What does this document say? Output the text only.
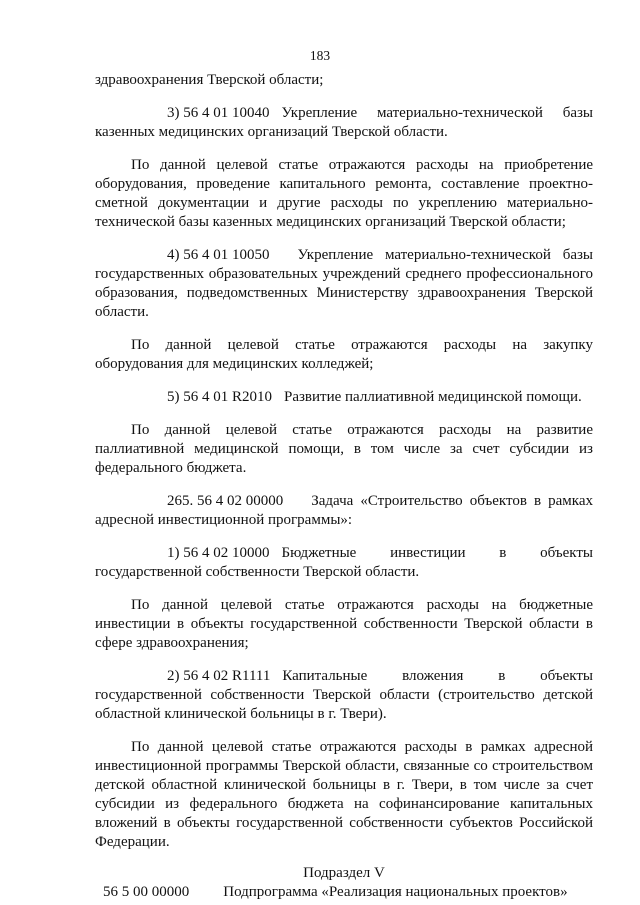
183

здравоохранения Тверской области;

3) 56 4 01 10040 Укрепление материально-технической базы казенных медицинских организаций Тверской области.

По данной целевой статье отражаются расходы на приобретение оборудования, проведение капитального ремонта, составление проектно-сметной документации и другие расходы по укреплению материально-технической базы казенных медицинских организаций Тверской области;

4) 56 4 01 10050 Укрепление материально-технической базы государственных образовательных учреждений среднего профессионального образования, подведомственных Министерству здравоохранения Тверской области.

По данной целевой статье отражаются расходы на закупку оборудования для медицинских колледжей;

5) 56 4 01 R2010 Развитие паллиативной медицинской помощи.

По данной целевой статье отражаются расходы на развитие паллиативной медицинской помощи, в том числе за счет субсидии из федерального бюджета.

265. 56 4 02 00000 Задача «Строительство объектов в рамках адресной инвестиционной программы»:

1) 56 4 02 10000 Бюджетные инвестиции в объекты государственной собственности Тверской области.

По данной целевой статье отражаются расходы на бюджетные инвестиции в объекты государственной собственности Тверской области в сфере здравоохранения;

2) 56 4 02 R1111 Капитальные вложения в объекты государственной собственности Тверской области (строительство детской областной клинической больницы в г. Твери).

По данной целевой статье отражаются расходы в рамках адресной инвестиционной программы Тверской области, связанные со строительством детской областной клинической больницы в г. Твери, в том числе за счет субсидии из федерального бюджета на софинансирование капитальных вложений в объекты государственной собственности субъектов Российской Федерации.

Подраздел V

56 5 00 00000 Подпрограмма «Реализация национальных проектов»
